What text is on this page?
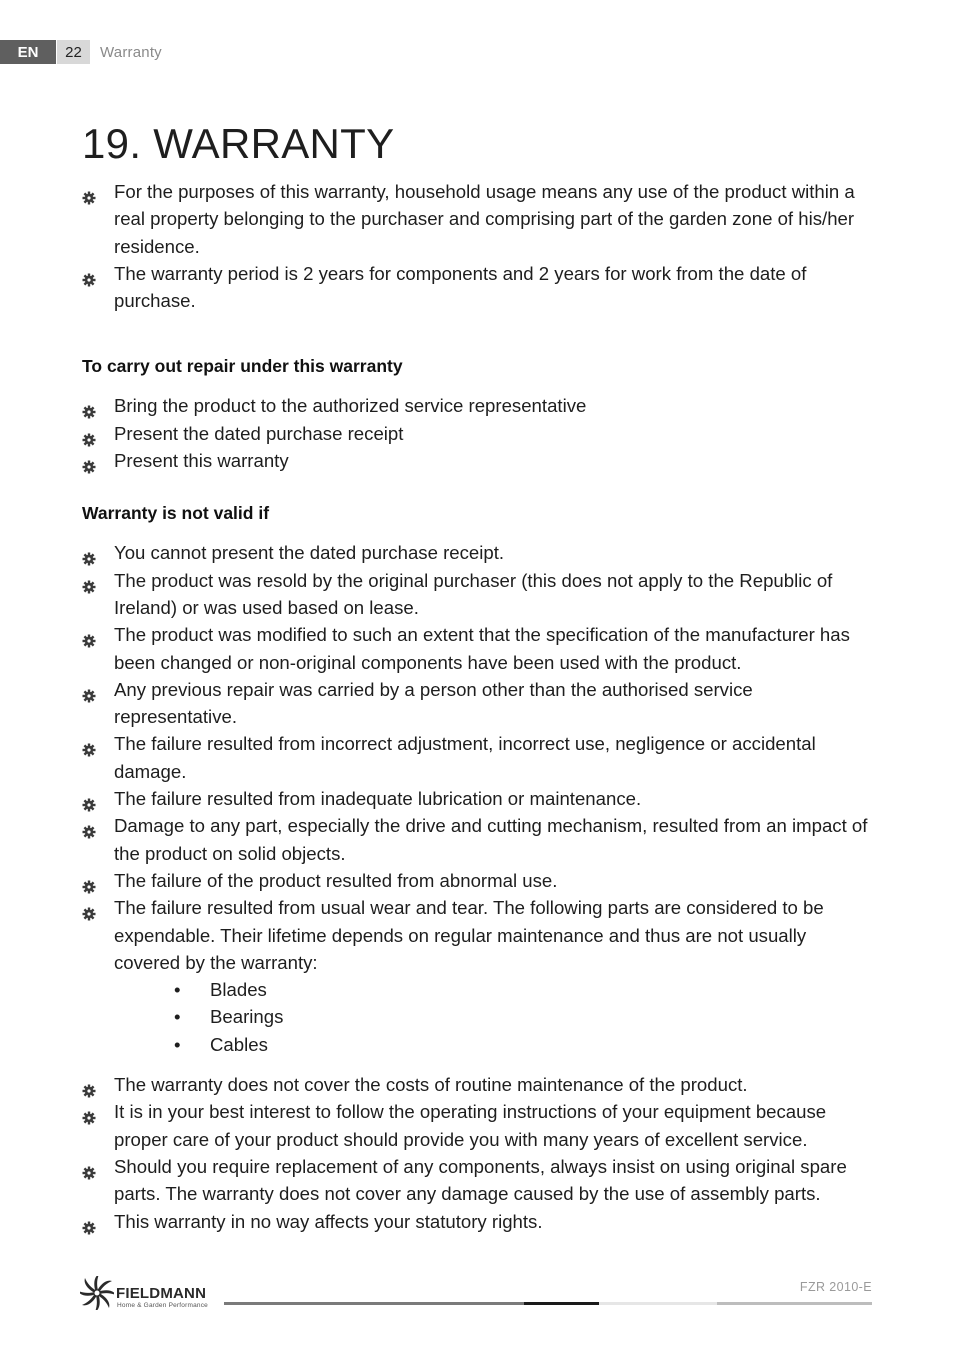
EN	22	Warranty
19. WARRANTY
For the purposes of this warranty, household usage means any use of the product within a real property belonging to the purchaser and comprising part of the garden zone of his/her residence.
The warranty period is 2 years for components and 2 years for work from the date of purchase.
To carry out repair under this warranty
Bring the product to the authorized service representative
Present the dated purchase receipt
Present this warranty
Warranty is not valid if
You cannot present the dated purchase receipt.
The product was resold by the original purchaser (this does not apply to the Republic of Ireland) or was used based on lease.
The product was modified to such an extent that the specification of the manufacturer has been changed or non-original components have been used with the product.
Any previous repair was carried by a person other than the authorised service representative.
The failure resulted from incorrect adjustment, incorrect use, negligence or accidental damage.
The failure resulted from inadequate lubrication or maintenance.
Damage to any part, especially the drive and cutting mechanism, resulted from an impact of the product on solid objects.
The failure of the product resulted from abnormal use.
The failure resulted from usual wear and tear. The following parts are considered to be expendable. Their lifetime depends on regular maintenance and thus are not usually covered by the warranty:
• Blades
• Bearings
• Cables
The warranty does not cover the costs of routine maintenance of the product.
It is in your best interest to follow the operating instructions of your equipment because proper care of your product should provide you with many years of excellent service.
Should you require replacement of any components, always insist on using original spare parts. The warranty does not cover any damage caused by the use of assembly parts.
This warranty in no way affects your statutory rights.
FIELDMANN
Home & Garden Performance
FZR 2010-E
